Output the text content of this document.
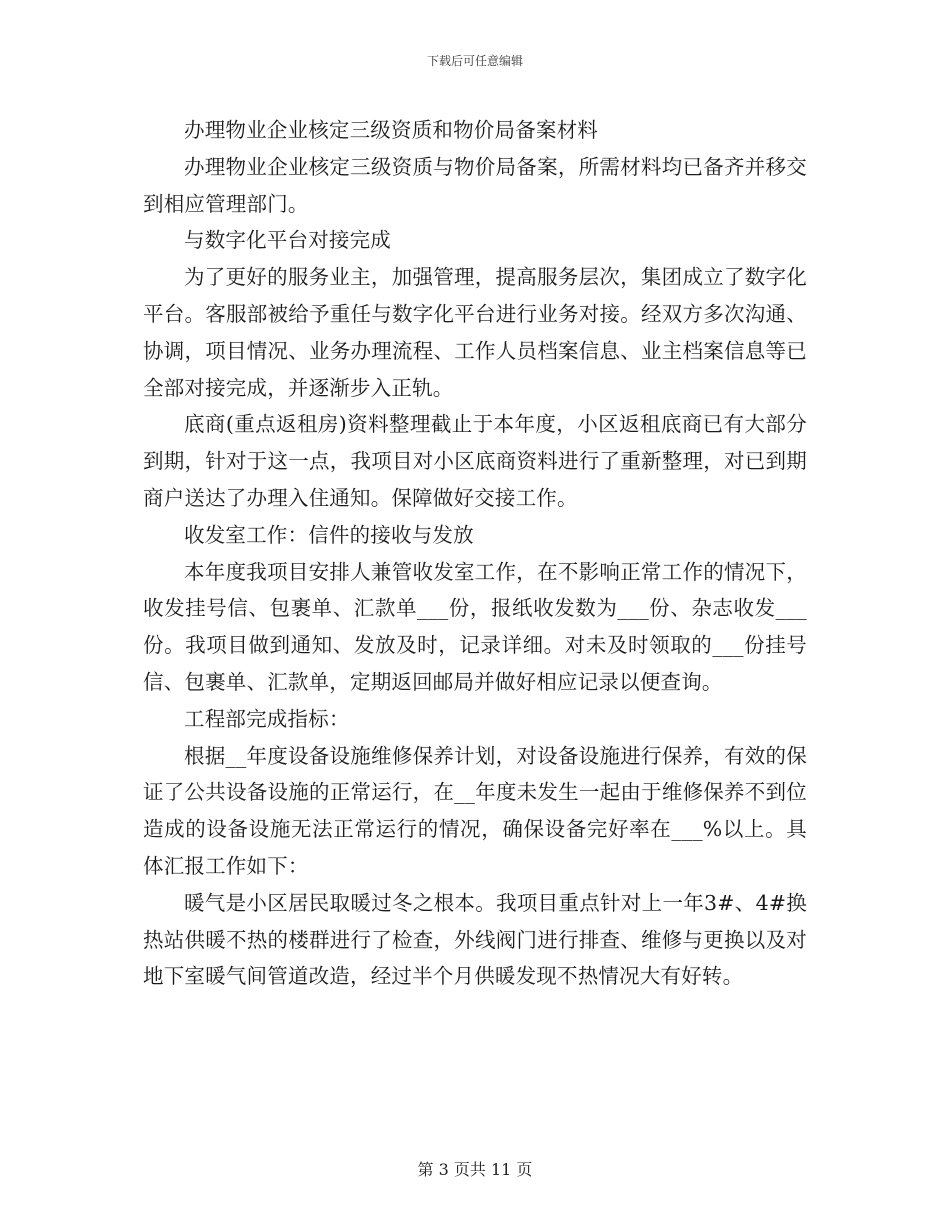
下载后可任意编辑

办理物业企业核定三级资质和物价局备案材料

办理物业企业核定三级资质与物价局备案，所需材料均已备齐并移交到相应管理部门。

与数字化平台对接完成

为了更好的服务业主，加强管理，提高服务层次，集团成立了数字化平台。客服部被给予重任与数字化平台进行业务对接。经双方多次沟通、协调，项目情况、业务办理流程、工作人员档案信息、业主档案信息等已全部对接完成，并逐渐步入正轨。

底商(重点返租房)资料整理截止于本年度，小区返租底商已有大部分到期，针对于这一点，我项目对小区底商资料进行了重新整理，对已到期商户送达了办理入住通知。保障做好交接工作。

收发室工作：信件的接收与发放

本年度我项目安排人兼管收发室工作，在不影响正常工作的情况下，收发挂号信、包裹单、汇款单___份，报纸收发数为___份、杂志收发___份。我项目做到通知、发放及时，记录详细。对未及时领取的___份挂号信、包裹单、汇款单，定期返回邮局并做好相应记录以便查询。

工程部完成指标：

根据__年度设备设施维修保养计划，对设备设施进行保养，有效的保证了公共设备设施的正常运行，在__年度未发生一起由于维修保养不到位造成的设备设施无法正常运行的情况，确保设备完好率在___%以上。具体汇报工作如下：

暖气是小区居民取暖过冬之根本。我项目重点针对上一年3#、4#换热站供暖不热的楼群进行了检查，外线阀门进行排查、维修与更换以及对地下室暖气间管道改造，经过半个月供暖发现不热情况大有好转。

第 3 页共 11 页
